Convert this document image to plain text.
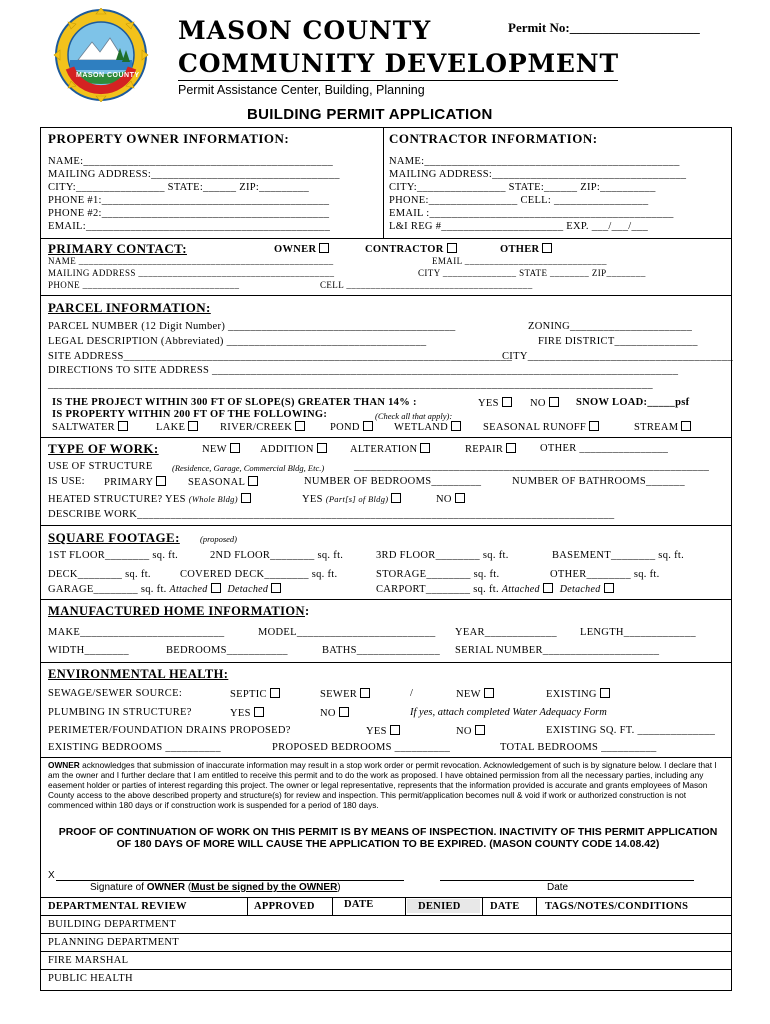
MASON COUNTY
MASON COUNTY
COMMUNITY DEVELOPMENT
Permit Assistance Center, Building, Planning
Permit No:____________________
BUILDING PERMIT APPLICATION
PROPERTY OWNER INFORMATION:
NAME:_____________________________________________
MAILING ADDRESS:__________________________________
CITY:________________ STATE:______ ZIP:_________
PHONE #1:_________________________________________
PHONE #2:_________________________________________
EMAIL:____________________________________________
CONTRACTOR INFORMATION:
NAME:______________________________________________
MAILING ADDRESS:___________________________________
CITY:________________ STATE:______ ZIP:__________
PHONE:________________ CELL: _________________
EMAIL :____________________________________________
L&I REG #______________________ EXP. ___/___/___
PRIMARY CONTACT:	OWNER	CONTRACTOR	OTHER
NAME ____________________________________________________	EMAIL _____________________________
MAILING ADDRESS ________________________________________	CITY _______________ STATE ________ ZIP________
PHONE ________________________________	CELL ______________________________________
PARCEL INFORMATION:
PARCEL NUMBER (12 Digit Number) _________________________________________	ZONING______________________
LEGAL DESCRIPTION (Abbreviated) ____________________________________	FIRE DISTRICT_______________
SITE ADDRESS______________________________________________________________________
CITY_____________________________________
DIRECTIONS TO SITE ADDRESS ____________________________________________________________________________________
_____________________________________________________________________________________________________________
IS THE PROJECT WITHIN 300 FT OF SLOPE(S) GREATER THAN 14% :	YES	NO	SNOW LOAD:_____psf
IS PROPERTY WITHIN 200 FT OF THE FOLLOWING:	(Check all that apply):
SALTWATER	LAKE	RIVER/CREEK	POND	WETLAND	SEASONAL RUNOFF	STREAM
TYPE OF WORK:	NEW	ADDITION	ALTERATION	REPAIR	OTHER ________________
USE OF STRUCTURE (Residence, Garage, Commercial Bldg, Etc.)	________________________________________________________________
IS USE: PRIMARY	SEASONAL	NUMBER OF BEDROOMS_________	NUMBER OF BATHROOMS_______
HEATED STRUCTURE? YES (Whole Bldg)	YES (Part[s] of Bldg)	NO
DESCRIBE WORK______________________________________________________________________________________
SQUARE FOOTAGE: (proposed)
1ST FLOOR________ sq. ft.	2ND FLOOR________ sq. ft.	3RD FLOOR________ sq. ft.	BASEMENT________ sq. ft.
DECK________ sq. ft.	COVERED DECK________ sq. ft.	STORAGE________ sq. ft.	OTHER________ sq. ft.
GARAGE________ sq. ft. Attached Detached	CARPORT________ sq. ft. Attached Detached
MANUFACTURED HOME INFORMATION:
MAKE__________________________	MODEL_________________________ YEAR_____________ LENGTH_____________
WIDTH________	BEDROOMS___________	BATHS_______________ SERIAL NUMBER_____________________
ENVIRONMENTAL HEALTH:
SEWAGE/SEWER SOURCE:	SEPTIC	SEWER	/	NEW	EXISTING
PLUMBING IN STRUCTURE?	YES	NO	If yes, attach completed Water Adequacy Form
PERIMETER/FOUNDATION DRAINS PROPOSED?	YES	NO	EXISTING SQ. FT. ______________
EXISTING BEDROOMS __________	PROPOSED BEDROOMS __________	TOTAL BEDROOMS __________
OWNER acknowledges that submission of inaccurate information may result in a stop work order or permit revocation. Acknowledgement of such is by signature below. I declare that I am the owner and I further declare that I am entitled to receive this permit and to do the work as proposed. I have obtained permission from all the necessary parties, including any easement holder or parties of interest regarding this project. The owner or legal representative, represents that the information provided is accurate and grants employees of Mason County access to the above described property and structure(s) for review and inspection. This permit/application becomes null & void if work or authorized construction is not commenced within 180 days or if construction work is suspended for a period of 180 days.
PROOF OF CONTINUATION OF WORK ON THIS PERMIT IS BY MEANS OF INSPECTION. INACTIVITY OF THIS PERMIT APPLICATION OF 180 DAYS OF MORE WILL CAUSE THE APPLICATION TO BE EXPIRED. (MASON COUNTY CODE 14.08.42)
X
Signature of OWNER (Must be signed by the OWNER)	Date
DEPARTMENTAL REVIEW	APPROVED	DATE	DENIED	DATE TAGS/NOTES/CONDITIONS
BUILDING DEPARTMENT
PLANNING DEPARTMENT
FIRE MARSHAL
PUBLIC HEALTH
